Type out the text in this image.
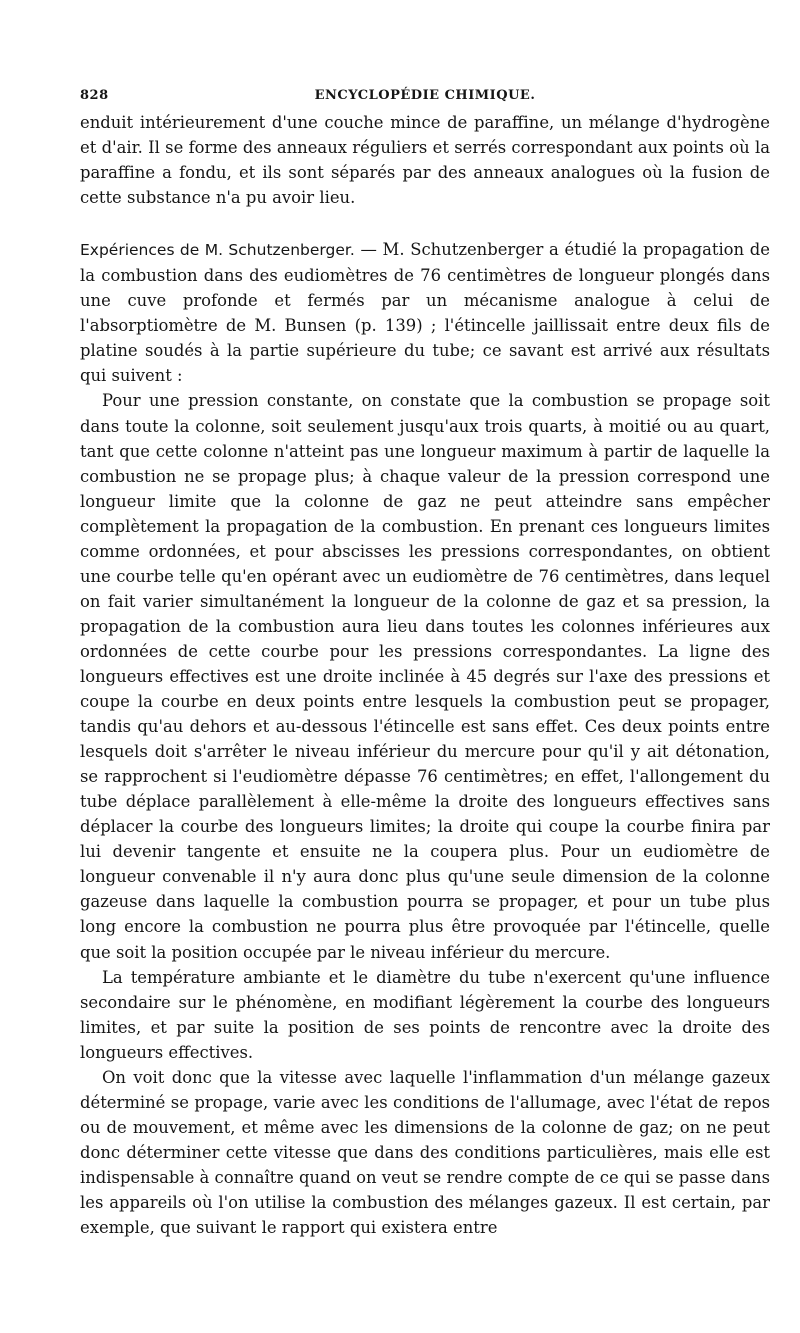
828	ENCYCLOPÉDIE CHIMIQUE.

enduit intérieurement d'une couche mince de paraffine, un mélange d'hydrogène et d'air. Il se forme des anneaux réguliers et serrés correspondant aux points où la paraffine a fondu, et ils sont séparés par des anneaux analogues où la fusion de cette substance n'a pu avoir lieu.

Expériences de M. Schutzenberger. — M. Schutzenberger a étudié la propagation de la combustion dans des eudiomètres de 76 centimètres de longueur plongés dans une cuve profonde et fermés par un mécanisme analogue à celui de l'absorptiomètre de M. Bunsen (p. 139) ; l'étincelle jaillissait entre deux fils de platine soudés à la partie supérieure du tube; ce savant est arrivé aux résultats qui suivent :

Pour une pression constante, on constate que la combustion se propage soit dans toute la colonne, soit seulement jusqu'aux trois quarts, à moitié ou au quart, tant que cette colonne n'atteint pas une longueur maximum à partir de laquelle la combustion ne se propage plus; à chaque valeur de la pression correspond une longueur limite que la colonne de gaz ne peut atteindre sans empêcher complètement la propagation de la combustion. En prenant ces longueurs limites comme ordonnées, et pour abscisses les pressions correspondantes, on obtient une courbe telle qu'en opérant avec un eudiomètre de 76 centimètres, dans lequel on fait varier simultanément la longueur de la colonne de gaz et sa pression, la propagation de la combustion aura lieu dans toutes les colonnes inférieures aux ordonnées de cette courbe pour les pressions correspondantes. La ligne des longueurs effectives est une droite inclinée à 45 degrés sur l'axe des pressions et coupe la courbe en deux points entre lesquels la combustion peut se propager, tandis qu'au dehors et au-dessous l'étincelle est sans effet. Ces deux points entre lesquels doit s'arrêter le niveau inférieur du mercure pour qu'il y ait détonation, se rapprochent si l'eudiomètre dépasse 76 centimètres; en effet, l'allongement du tube déplace parallèlement à elle-même la droite des longueurs effectives sans déplacer la courbe des longueurs limites; la droite qui coupe la courbe finira par lui devenir tangente et ensuite ne la coupera plus. Pour un eudiomètre de longueur convenable il n'y aura donc plus qu'une seule dimension de la colonne gazeuse dans laquelle la combustion pourra se propager, et pour un tube plus long encore la combustion ne pourra plus être provoquée par l'étincelle, quelle que soit la position occupée par le niveau inférieur du mercure.

La température ambiante et le diamètre du tube n'exercent qu'une influence secondaire sur le phénomène, en modifiant légèrement la courbe des longueurs limites, et par suite la position de ses points de rencontre avec la droite des longueurs effectives.

On voit donc que la vitesse avec laquelle l'inflammation d'un mélange gazeux déterminé se propage, varie avec les conditions de l'allumage, avec l'état de repos ou de mouvement, et même avec les dimensions de la colonne de gaz; on ne peut donc déterminer cette vitesse que dans des conditions particulières, mais elle est indispensable à connaître quand on veut se rendre compte de ce qui se passe dans les appareils où l'on utilise la combustion des mélanges gazeux. Il est certain, par exemple, que suivant le rapport qui existera entre
